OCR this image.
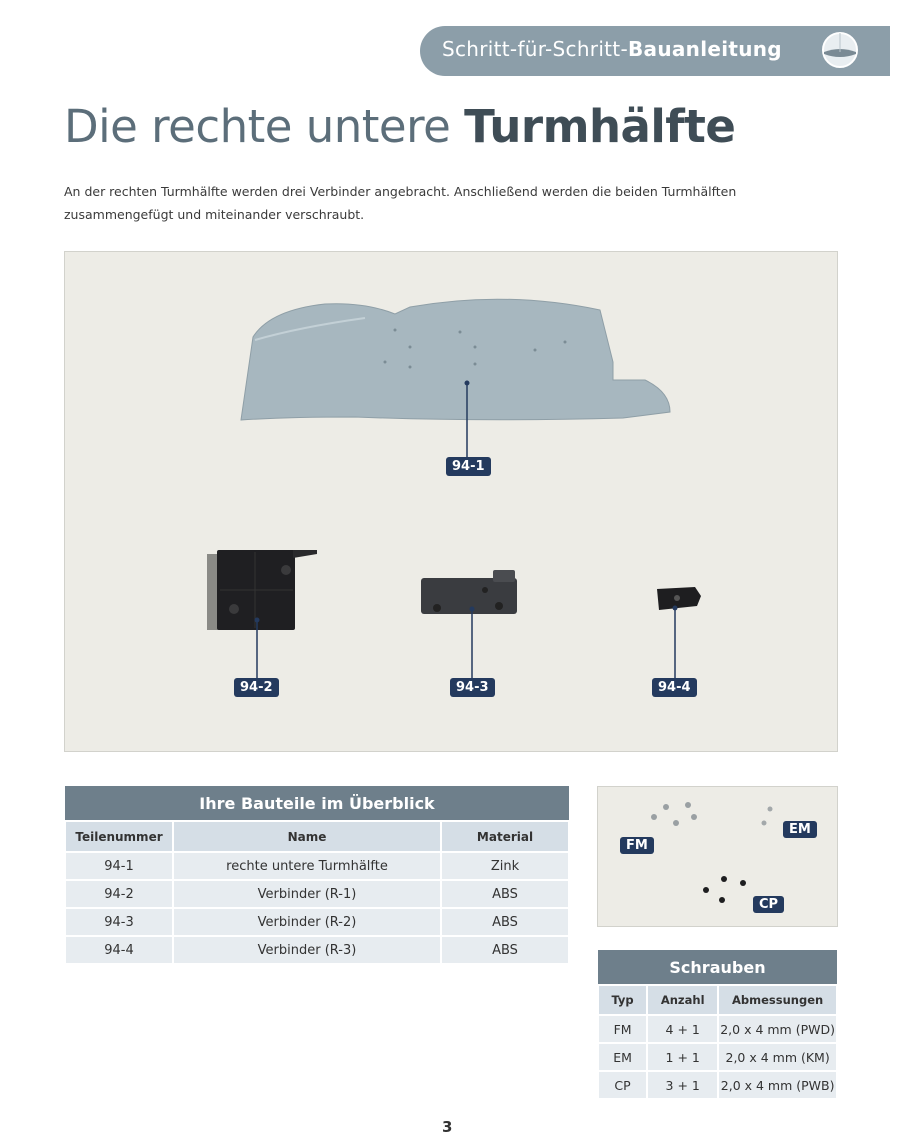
Schritt-für-Schritt-Bauanleitung
Die rechte untere Turmhälfte
An der rechten Turmhälfte werden drei Verbinder angebracht. Anschließend werden die beiden Turmhälften zusammengefügt und miteinander verschraubt.
94-1
94-2	94-3	94-4
Ihre Bauteile im Überblick		
Teilenummer	Name	Material
94-1	rechte untere Turmhälfte	Zink
94-2	Verbinder (R-1)	ABS
94-3	Verbinder (R-2)	ABS
94-4	Verbinder (R-3)	ABS
FM
EM
CP
Schrauben		
Typ	Anzahl	Abmessungen
FM	4 + 1	2,0 x 4 mm (PWD)
EM	1 + 1	2,0 x 4 mm (KM)
CP	3 + 1	2,0 x 4 mm (PWB)
3
